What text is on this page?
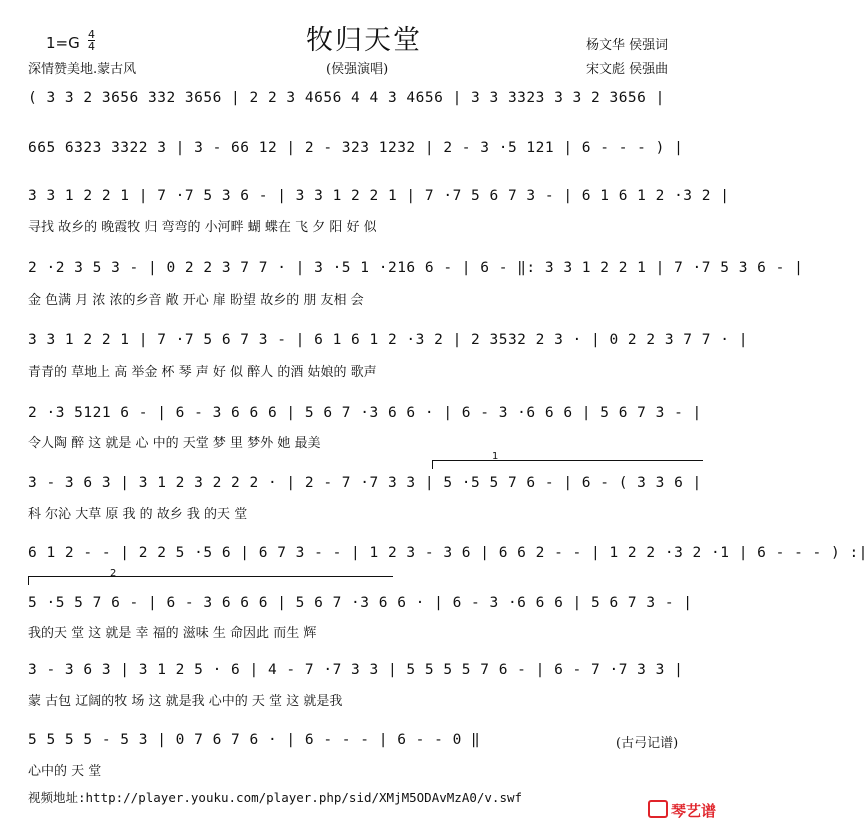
牧归天堂
1=G 4
4
深情赞美地.蒙古风	(侯强演唱)
杨文华 侯强词
宋文彪 侯强曲
( 3 3 2 3656 332 3656 | 2 2 3 4656 4 4 3 4656 | 3 3 3323 3 3 2 3656 |
665 6323 3322 3 | 3 - 66 12 | 2 - 323 1232 | 2 - 3 ·5 121 | 6 - - - ) |
3 3 1 2 2 1 | 7 ·7 5 3 6 - | 3 3 1 2 2 1 | 7 ·7 5 6 7 3 - | 6 1 6 1 2 ·3 2 |
寻找 故乡的 晚霞牧 归 弯弯的 小河畔 蝴 蝶在 飞 夕 阳 好 似
2 ·2 3 5 3 - | 0 2 2 3 7 7 · | 3 ·5 1 ·216 6 - | 6 - ‖: 3 3 1 2 2 1 | 7 ·7 5 3 6 - |
金 色满 月 浓 浓的乡音 敞 开心 扉 盼望 故乡的 朋 友相 会
3 3 1 2 2 1 | 7 ·7 5 6 7 3 - | 6 1 6 1 2 ·3 2 | 2 3532 2 3 · | 0 2 2 3 7 7 · |
青青的 草地上 高 举金 杯 琴 声 好 似 醉人 的酒 姑娘的 歌声
2 ·3 5121 6 - | 6 - 3 6 6 6 | 5 6 7 ·3 6 6 · | 6 - 3 ·6 6 6 | 5 6 7 3 - |
令人陶 醉 这 就是 心 中的 天堂 梦 里 梦外 她 最美
1
3 - 3 6 3 | 3 1 2 3 2 2 2 · | 2 - 7 ·7 3 3 | 5 ·5 5 7 6 - | 6 - ( 3 3 6 |
科 尔沁 大草 原 我 的 故乡 我 的天 堂
6 1 2 - - | 2 2 5 ·5 6 | 6 7 3 - - | 1 2 3 - 3 6 | 6 6 2 - - | 1 2 2 ·3 2 ·1 | 6 - - - ) :|
2
5 ·5 5 7 6 - | 6 - 3 6 6 6 | 5 6 7 ·3 6 6 · | 6 - 3 ·6 6 6 | 5 6 7 3 - |
我的天 堂 这 就是 幸 福的 滋味 生 命因此 而生 辉
3 - 3 6 3 | 3 1 2 5 · 6 | 4 - 7 ·7 3 3 | 5 5 5 5 7 6 - | 6 - 7 ·7 3 3 |
蒙 古包 辽阔的牧 场 这 就是我 心中的 天 堂 这 就是我
5 5 5 5 - 5 3 | 0 7 6 7 6 · | 6 - - - | 6 - - 0 ‖
心中的 天 堂
(古弓记谱)
视频地址:http://player.youku.com/player.php/sid/XMjM5ODAvMzA0/v.swf
琴艺谱
